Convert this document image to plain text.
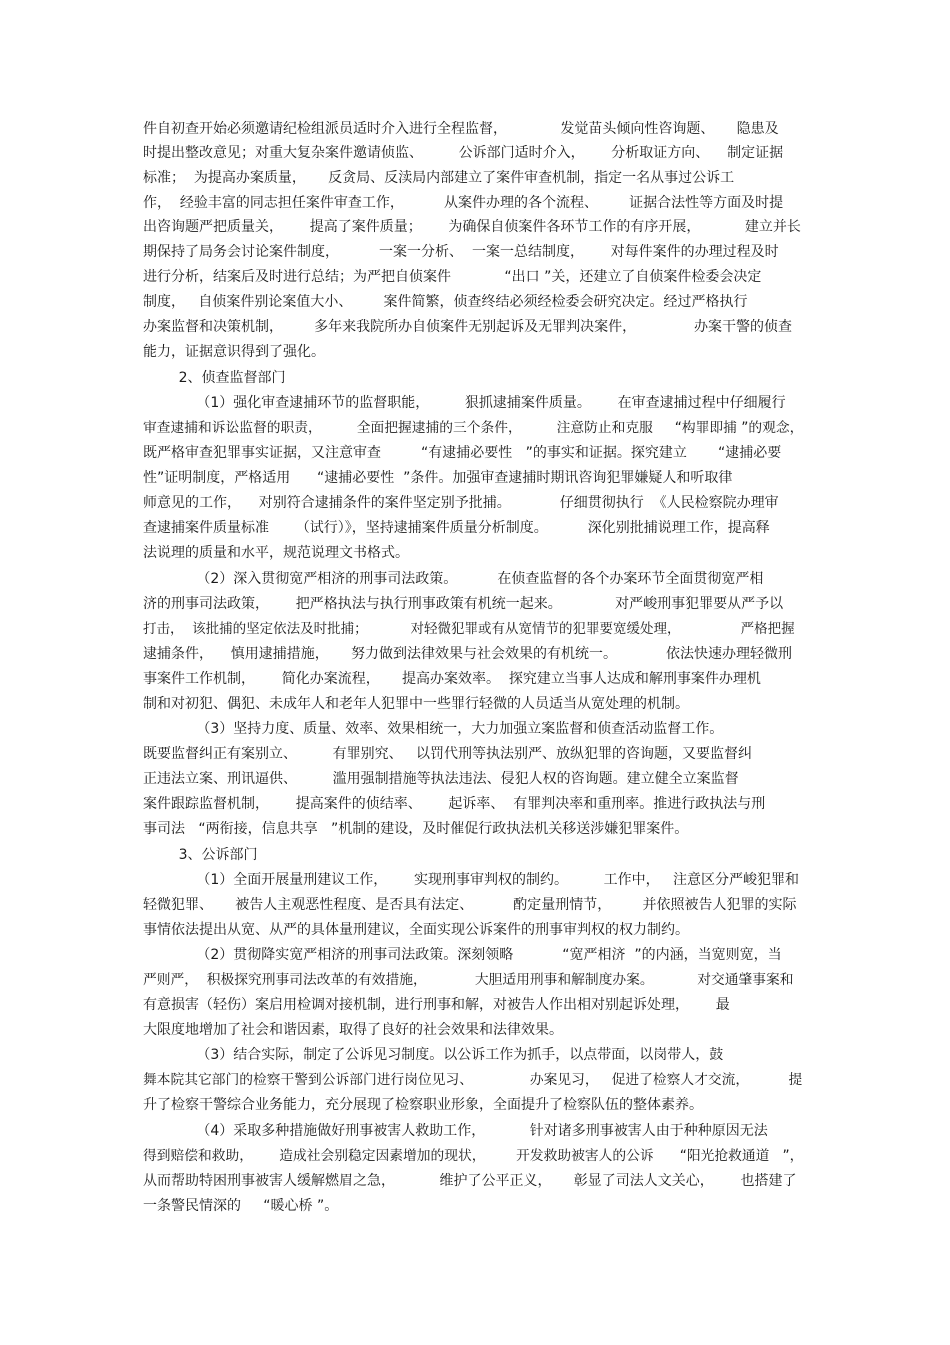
件自初查开始必须邀请纪检组派员适时介入进行全程监督，            发觉苗头倾向性咨询题、     隐患及

时提出整改意见；对重大复杂案件邀请侦监、        公诉部门适时介入，      分析取证方向、    制定证据

标准；  为提高办案质量，     反贪局、反渎局内部建立了案件审查机制，指定一名从事过公诉工

作，  经验丰富的同志担任案件审查工作，         从案件办理的各个流程、       证据合法性等方面及时提

出咨询题严把质量关，      提高了案件质量；      为确保自侦案件各环节工作的有序开展，          建立并长

期保持了局务会讨论案件制度，         一案一分析、  一案一总结制度，      对每件案件的办理过程及时

进行分析，结案后及时进行总结；为严把自侦案件            “出口 ”关，还建立了自侦案件检委会决定

制度，   自侦案件别论案值大小、       案件简繁，侦查终结必须经检委会研究决定。经过严格执行

办案监督和决策机制，       多年来我院所办自侦案件无别起诉及无罪判决案件，             办案干警的侦查

能力，证据意识得到了强化。

2、侦查监督部门

（1）强化审查逮捕环节的监督职能，        狠抓逮捕案件质量。      在审查逮捕过程中仔细履行

审查逮捕和诉讼监督的职责，        全面把握逮捕的三个条件，        注意防止和克服     “构罪即捕 ”的观念，

既严格审查犯罪事实证据，又注意审查         “有逮捕必要性   ”的事实和证据。探究建立       “逮捕必要

性”证明制度，严格适用      “逮捕必要性  ”条件。加强审查逮捕时期讯咨询犯罪嫌疑人和听取律

师意见的工作，    对别符合逮捕条件的案件坚定别予批捕。           仔细贯彻执行  《人民检察院办理审

查逮捕案件质量标准      （试行）》，坚持逮捕案件质量分析制度。         深化别批捕说理工作，提高释

法说理的质量和水平，规范说理文书格式。

（2）深入贯彻宽严相济的刑事司法政策。         在侦查监督的各个办案环节全面贯彻宽严相

济的刑事司法政策，      把严格执法与执行刑事政策有机统一起来。            对严峻刑事犯罪要从严予以

打击，  该批捕的坚定依法及时批捕；          对轻微犯罪或有从宽情节的犯罪要宽缓处理，              严格把握

逮捕条件，    慎用逮捕措施，     努力做到法律效果与社会效果的有机统一。           依法快速办理轻微刑

事案件工作机制，      简化办案流程，     提高办案效率。  探究建立当事人达成和解刑事案件办理机

制和对初犯、偶犯、未成年人和老年人犯罪中一些罪行轻微的人员适当从宽处理的机制。

（3）坚持力度、质量、效率、效果相统一，大力加强立案监督和侦查活动监督工作。

既要监督纠正有案别立、        有罪别究、   以罚代刑等执法别严、放纵犯罪的咨询题，又要监督纠

正违法立案、刑讯逼供、        滥用强制措施等执法违法、侵犯人权的咨询题。建立健全立案监督

案件跟踪监督机制，      提高案件的侦结率、      起诉率、  有罪判决率和重刑率。推进行政执法与刑

事司法   “两衔接，信息共享   ”机制的建设，及时催促行政执法机关移送涉嫌犯罪案件。

3、公诉部门

（1）全面开展量刑建议工作，      实现刑事审判权的制约。        工作中，   注意区分严峻犯罪和

轻微犯罪、     被告人主观恶性程度、是否具有法定、         酌定量刑情节，       并依照被告人犯罪的实际

事情依法提出从宽、从严的具体量刑建议，全面实现公诉案件的刑事审判权的权力制约。

（2）贯彻降实宽严相济的刑事司法政策。深刻领略           “宽严相济  ”的内涵，当宽则宽，当

严则严，  积极探究刑事司法改革的有效措施，           大胆适用刑事和解制度办案。          对交通肇事案和

有意损害（轻伤）案启用检调对接机制，进行刑事和解，对被告人作出相对别起诉处理，      最

大限度地增加了社会和谐因素，取得了良好的社会效果和法律效果。

（3）结合实际，制定了公诉见习制度。以公诉工作为抓手，以点带面，以岗带人，鼓

舞本院其它部门的检察干警到公诉部门进行岗位见习、             办案见习，   促进了检察人才交流，         提

升了检察干警综合业务能力，充分展现了检察职业形象，全面提升了检察队伍的整体素养。

（4）采取多种措施做好刑事被害人救助工作，          针对诸多刑事被害人由于种种原因无法

得到赔偿和救助，      造成社会别稳定因素增加的现状，       开发救助被害人的公诉      “阳光抢救通道   ”，

从而帮助特困刑事被害人缓解燃眉之急，          维护了公平正义，     彰显了司法人文关心，      也搭建了

一条警民情深的     “暖心桥 ”。
